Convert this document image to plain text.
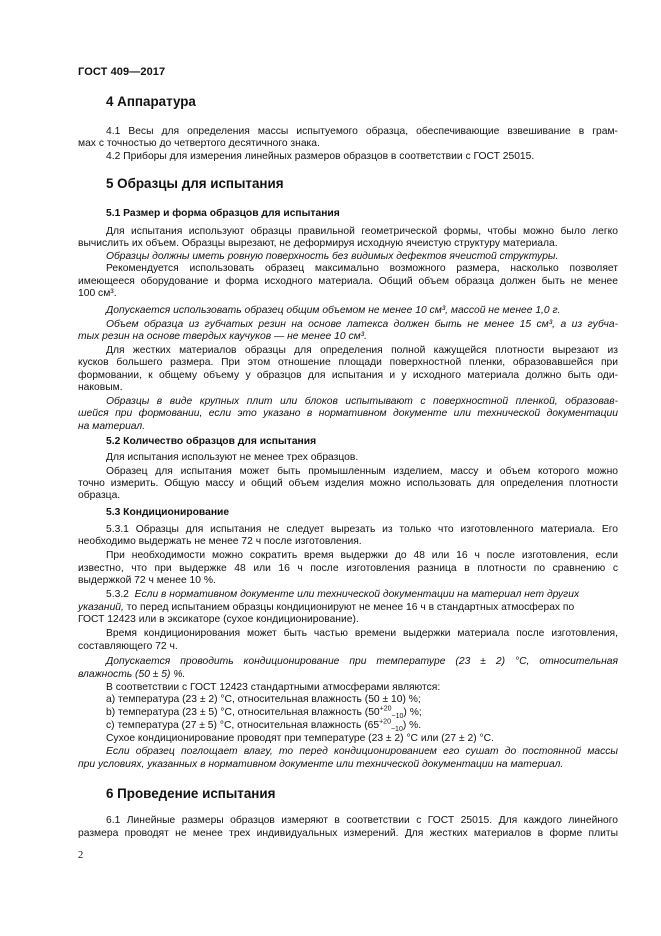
ГОСТ 409—2017
4 Аппаратура
4.1 Весы для определения массы испытуемого образца, обеспечивающие взвешивание в грам-
мах с точностью до четвертого десятичного знака.
4.2 Приборы для измерения линейных размеров образцов в соответствии с ГОСТ 25015.
5 Образцы для испытания
5.1 Размер и форма образцов для испытания
Для испытания используют образцы правильной геометрической формы, чтобы можно было легко
вычислить их объем. Образцы вырезают, не деформируя исходную ячеистую структуру материала.
Образцы должны иметь ровную поверхность без видимых дефектов ячеистой структуры.
Рекомендуется использовать образец максимально возможного размера, насколько позволяет
имеющееся оборудование и форма исходного материала. Общий объем образца должен быть не менее
100 см³.
Допускается использовать образец общим объемом не менее 10 см³, массой не менее 1,0 г.
Объем образца из губчатых резин на основе латекса должен быть не менее 15 см³, а из губча-
тых резин на основе твердых каучуков — не менее 10 см³.
Для жестких материалов образцы для определения полной кажущейся плотности вырезают из
кусков большего размера. При этом отношение площади поверхностной пленки, образовавшейся при
формовании, к общему объему у образцов для испытания и у исходного материала должно быть оди-
наковым.
Образцы в виде крупных плит или блоков испытывают с поверхностной пленкой, образовав-
шейся при формовании, если это указано в нормативном документе или технической документации
на материал.
5.2 Количество образцов для испытания
Для испытания используют не менее трех образцов.
Образец для испытания может быть промышленным изделием, массу и объем которого можно
точно измерить. Общую массу и общий объем изделия можно использовать для определения плотности
образца.
5.3 Кондиционирование
5.3.1 Образцы для испытания не следует вырезать из только что изготовленного материала. Его
необходимо выдержать не менее 72 ч после изготовления.
При необходимости можно сократить время выдержки до 48 или 16 ч после изготовления, если
известно, что при выдержке 48 или 16 ч после изготовления разница в плотности по сравнению с
выдержкой 72 ч менее 10 %.
5.3.2 Если в нормативном документе или технической документации на материал нет других
указаний, то перед испытанием образцы кондиционируют не менее 16 ч в стандартных атмосферах по
ГОСТ 12423 или в эксикаторе (сухое кондиционирование).
Время кондиционирования может быть частью времени выдержки материала после изготовления,
составляющего 72 ч.
Допускается проводить кондиционирование при температуре (23 ± 2) °С, относительная
влажность (50 ± 5) %.
В соответствии с ГОСТ 12423 стандартными атмосферами являются:
a) температура (23 ± 2) °С, относительная влажность (50 ± 10) %;
b) температура (23 ± 5) °С, относительная влажность $(50^{+20}_{-10})$ %;
c) температура (27 ± 5) °С, относительная влажность $(65^{+20}_{-10})$ %.
Сухое кондиционирование проводят при температуре (23 ± 2) °С или (27 ± 2) °С.
Если образец поглощает влагу, то перед кондиционированием его сушат до постоянной массы
при условиях, указанных в нормативном документе или технической документации на материал.
6 Проведение испытания
6.1 Линейные размеры образцов измеряют в соответствии с ГОСТ 25015. Для каждого линейного
размера проводят не менее трех индивидуальных измерений. Для жестких материалов в форме плиты
2
